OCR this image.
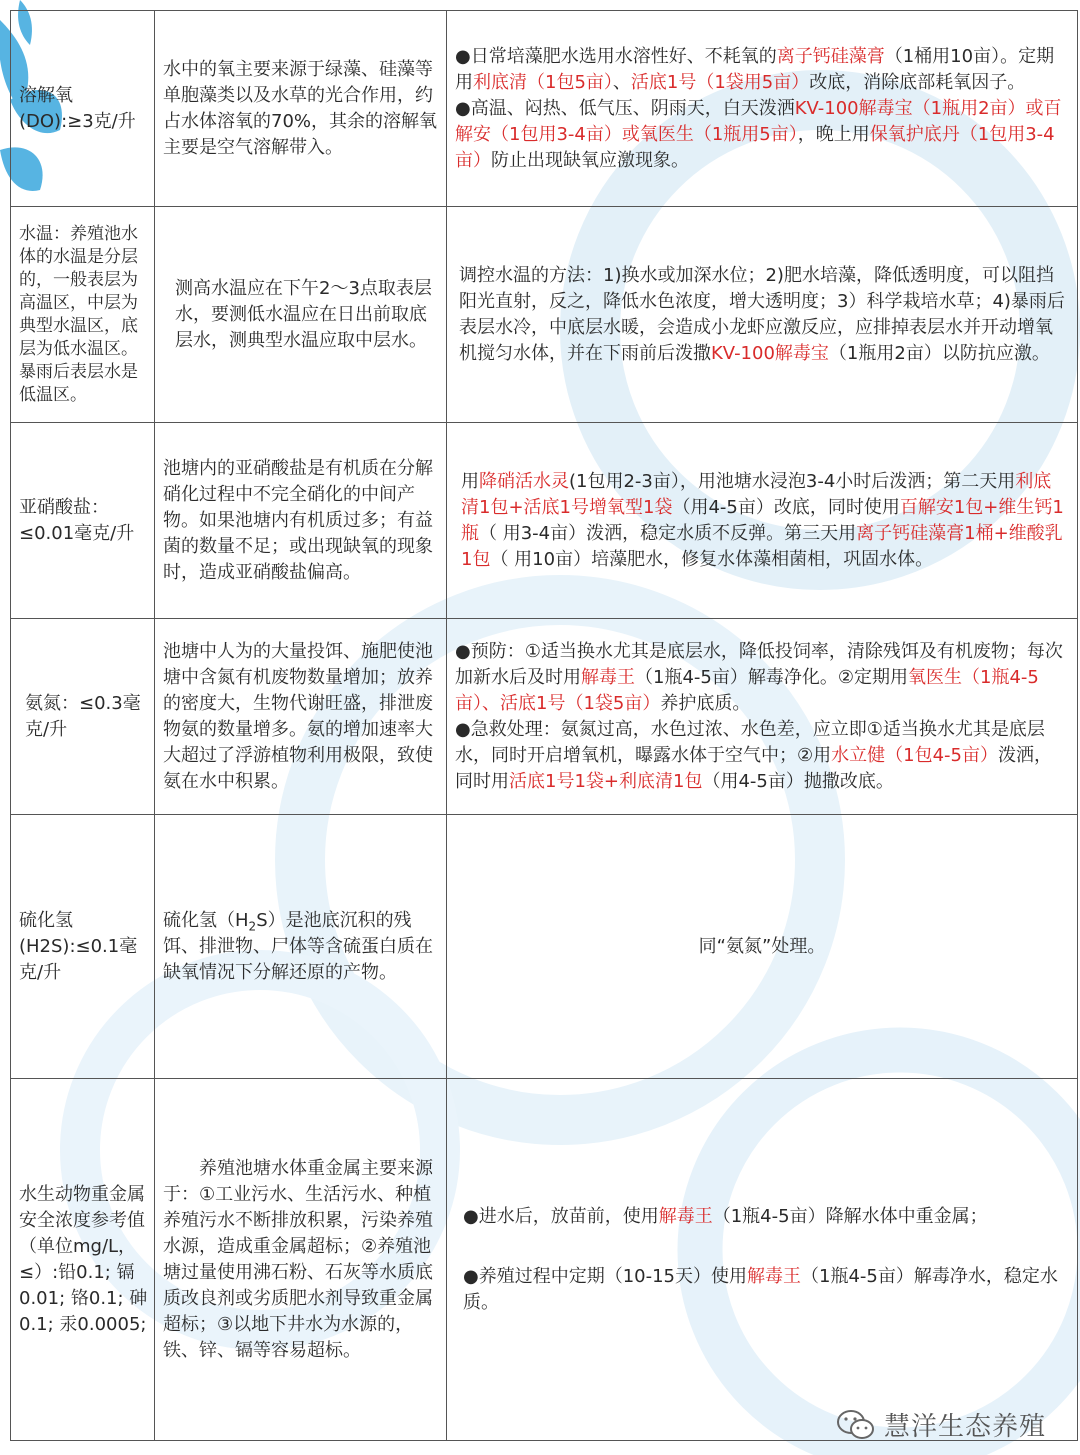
溶解氧(DO):≥3克/升	水中的氧主要来源于绿藻、硅藻等单胞藻类以及水草的光合作用，约占水体溶氧的70%，其余的溶解氧主要是空气溶解带入。	●日常培藻肥水选用水溶性好、不耗氧的离子钙硅藻膏（1桶用10亩）。定期用利底清（1包5亩）、活底1号（1袋用5亩）改底，消除底部耗氧因子。

●高温、闷热、低气压、阴雨天，白天泼洒KV-100解毒宝（1瓶用2亩）或百解安（1包用3-4亩）或氧医生（1瓶用5亩），晚上用保氧护底丹（1包用3-4亩）防止出现缺氧应激现象。

水温：养殖池水体的水温是分层的，一般表层为高温区，中层为典型水温区，底层为低水温区。暴雨后表层水是低温区。	测高水温应在下午2～3点取表层水，要测低水温应在日出前取底层水，测典型水温应取中层水。	调控水温的方法：1)换水或加深水位；2)肥水培藻，降低透明度，可以阻挡阳光直射，反之，降低水色浓度，增大透明度；3）科学栽培水草；4)暴雨后表层水冷，中底层水暖，会造成小龙虾应激反应，应排掉表层水并开动增氧机搅匀水体，并在下雨前后泼撒KV-100解毒宝（1瓶用2亩）以防抗应激。

亚硝酸盐：≤0.01毫克/升	池塘内的亚硝酸盐是有机质在分解硝化过程中不完全硝化的中间产物。如果池塘内有机质过多；有益菌的数量不足；或出现缺氧的现象时，造成亚硝酸盐偏高。	用降硝活水灵(1包用2-3亩），用池塘水浸泡3-4小时后泼洒；第二天用利底清1包+活底1号增氧型1袋（用4-5亩）改底，同时使用百解安1包+维生钙1瓶（ 用3-4亩）泼洒，稳定水质不反弹。第三天用离子钙硅藻膏1桶+维酸乳1包（ 用10亩）培藻肥水，修复水体藻相菌相，巩固水体。

氨氮：≤0.3毫克/升	池塘中人为的大量投饵、施肥使池塘中含氮有机废物数量增加；放养的密度大，生物代谢旺盛，排泄废物氨的数量增多。氨的增加速率大大超过了浮游植物利用极限，致使氨在水中积累。	●预防：①适当换水尤其是底层水，降低投饲率，清除残饵及有机废物；每次加新水后及时用解毒王（1瓶4-5亩）解毒净化。②定期用氧医生（1瓶4-5亩）、活底1号（1袋5亩）养护底质。

●急救处理：氨氮过高，水色过浓、水色差，应立即①适当换水尤其是底层水，同时开启增氧机，曝露水体于空气中；②用水立健（1包4-5亩）泼洒，同时用活底1号1袋+利底清1包（用4-5亩）抛撒改底。

硫化氢(H2S):≤0.1毫克/升	硫化氢$(H_2S)$是池底沉积的残饵、排泄物、尸体等含硫蛋白质在缺氧情况下分解还原的产物。	同“氨氮”处理。
水生动物重金属安全浓度参考值（单位mg/L，≤）:铅0.1; 镉0.01; 铬0.1; 砷0.1; 汞0.0005;	　　养殖池塘水体重金属主要来源于：①工业污水、生活污水、种植养殖污水不断排放积累，污染养殖水源，造成重金属超标；②养殖池塘过量使用沸石粉、石灰等水质底质改良剂或劣质肥水剂导致重金属超标；③以地下井水为水源的，铁、锌、镉等容易超标。	●进水后，放苗前，使用解毒王（1瓶4-5亩）降解水体中重金属；

●养殖过程中定期（10-15天）使用解毒王（1瓶4-5亩）解毒净水，稳定水质。

慧洋生态养殖
